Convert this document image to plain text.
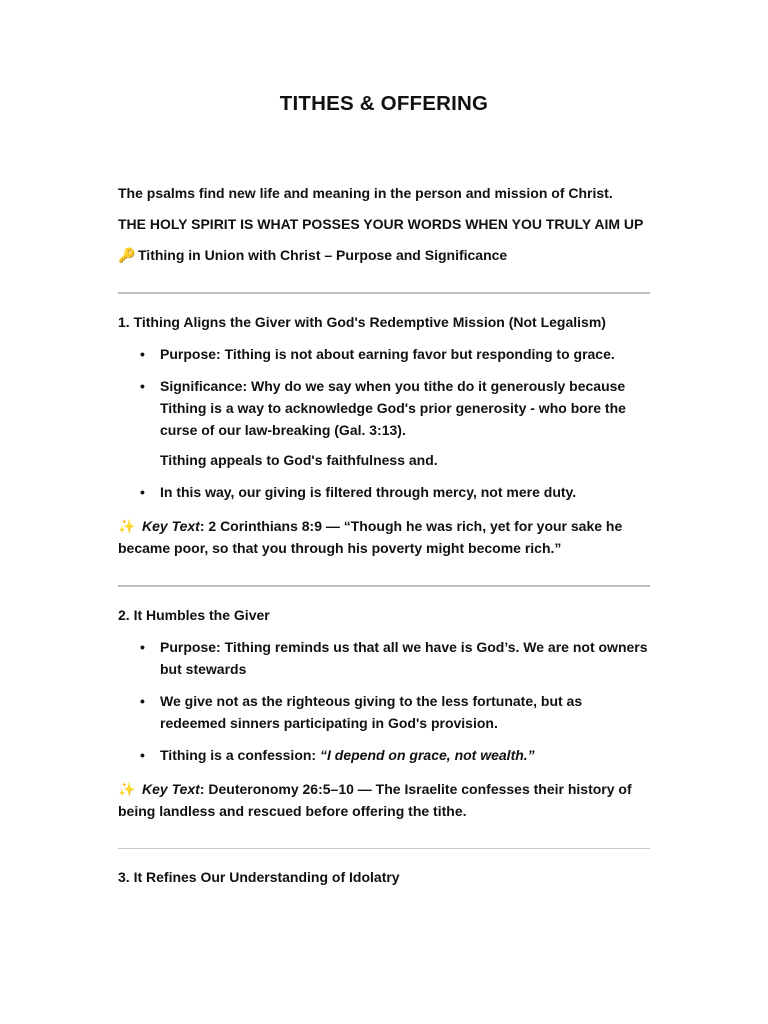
TITHES & OFFERING

The psalms find new life and meaning in the person and mission of Christ.

THE HOLY SPIRIT IS WHAT POSSES YOUR WORDS WHEN YOU TRULY AIM UP

🔑 Tithing in Union with Christ – Purpose and Significance

1. Tithing Aligns the Giver with God's Redemptive Mission (Not Legalism)

• Purpose: Tithing is not about earning favor but responding to grace.
• Significance: Why do we say when you tithe do it generously because Tithing is a way to acknowledge God's prior generosity - who bore the curse of our law-breaking (Gal. 3:13).

Tithing appeals to God's faithfulness and.

• In this way, our giving is filtered through mercy, not mere duty.

✨ Key Text: 2 Corinthians 8:9 — “Though he was rich, yet for your sake he became poor, so that you through his poverty might become rich.”

2. It Humbles the Giver

• Purpose: Tithing reminds us that all we have is God’s. We are not owners but stewards
• We give not as the righteous giving to the less fortunate, but as redeemed sinners participating in God's provision.
• Tithing is a confession: “I depend on grace, not wealth.”

✨ Key Text: Deuteronomy 26:5–10 — The Israelite confesses their history of being landless and rescued before offering the tithe.

3. It Refines Our Understanding of Idolatry
